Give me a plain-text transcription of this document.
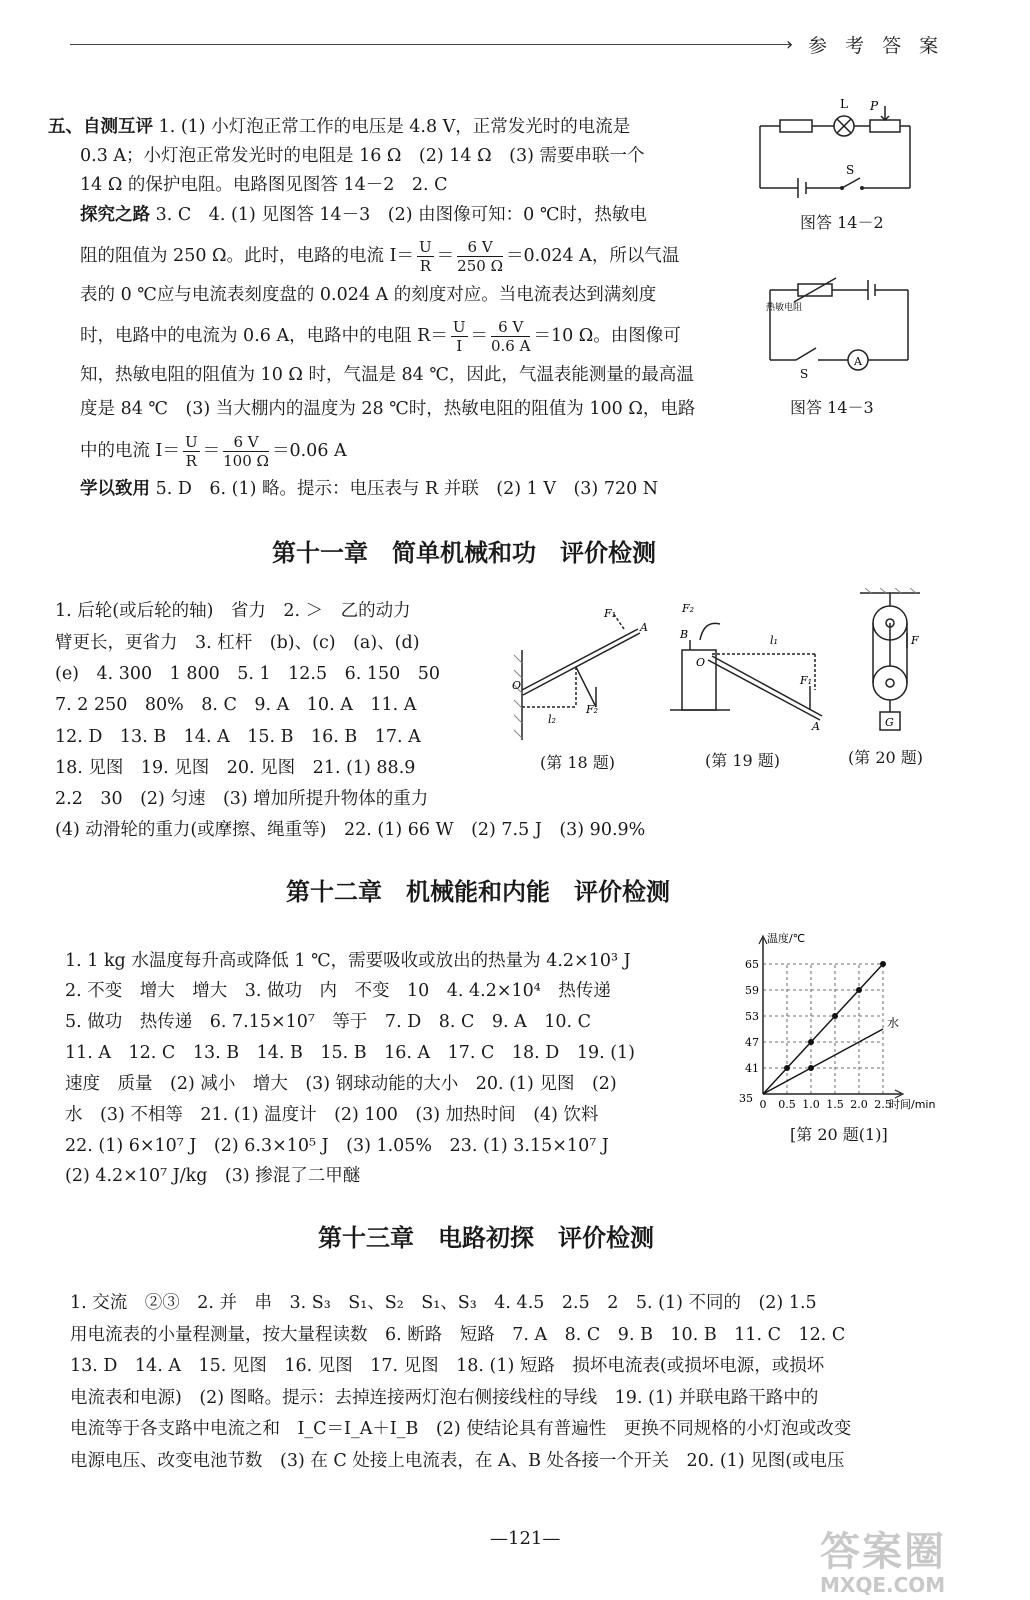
› 参 考 答 案
五、自测互评 1. (1) 小灯泡正常工作的电压是 4.8 V，正常发光时的电流是
0.3 A；小灯泡正常发光时的电阻是 16 Ω　(2) 14 Ω　(3) 需要串联一个
14 Ω 的保护电阻。电路图见图答 14－2　2. C
探究之路 3. C　4. (1) 见图答 14－3　(2) 由图像可知：0 ℃时，热敏电
阻的阻值为 250 Ω。此时，电路的电流 $I= \frac{U}{R} = \frac{6 V}{250 \Omega} =0.024$ A，所以气温
表的 0 ℃应与电流表刻度盘的 0.024 A 的刻度对应。当电流表达到满刻度
时，电路中的电流为 0.6 A，电路中的电阻 $R= \frac{U}{I} = \frac{6 V}{0.6 A} =10$ Ω。由图像可
知，热敏电阻的阻值为 10 Ω 时，气温是 84 ℃，因此，气温表能测量的最高温
度是 84 ℃　(3) 当大棚内的温度为 28 ℃时，热敏电阻的阻值为 100 Ω，电路
中的电流 $I= \frac{U}{R} = \frac{6 V}{100 \Omega} =0.06$ A
学以致用 5. D　6. (1) 略。提示：电压表与 R 并联　(2) 1 V　(3) 720 N
L P
S
图答 14－2
热敏电阻
S
A
图答 14－3
第十一章　简单机械和功　评价检测
1. 后轮(或后轮的轴)　省力　2. ＞　乙的动力
臂更长，更省力　3. 杠杆　(b)、(c)　(a)、(d)
(e)　4. 300　1 800　5. 1　12.5　6. 150　50
7. 2 250　80%　8. C　9. A　10. A　11. A
12. D　13. B　14. A　15. B　16. B　17. A
18. 见图　19. 见图　20. 见图　21. (1) 88.9
2.2　30　(2) 匀速　(3) 增加所提升物体的重力
(4) 动滑轮的重力(或摩擦、绳重等)　22. (1) 66 W　(2) 7.5 J　(3) 90.9%
F₁
A
O
F₂
l₂
(第 18 题)
F₂
B
O
l₁
F₁
A
(第 19 题)
F
G
(第 20 题)
第十二章　机械能和内能　评价检测
1. 1 kg 水温度每升高或降低 1 ℃，需要吸收或放出的热量为 4.2×10³ J
2. 不变　增大　增大　3. 做功　内　不变　10　4. 4.2×10⁴　热传递
5. 做功　热传递　6. 7.15×10⁷　等于　7. D　8. C　9. A　10. C
11. A　12. C　13. B　14. B　15. B　16. A　17. C　18. D　19. (1)
速度　质量　(2) 减小　增大　(3) 钢球动能的大小　20. (1) 见图　(2)
水　(3) 不相等　21. (1) 温度计　(2) 100　(3) 加热时间　(4) 饮料
22. (1) 6×10⁷ J　(2) 6.3×10⁵ J　(3) 1.05%　23. (1) 3.15×10⁷ J
(2) 4.2×10⁷ J/kg　(3) 掺混了二甲醚
41
47
53
59
65
0 0.5 1.0 1.5 2.0 2.5
35
温度/℃
时间/min
水
[第 20 题(1)]
第十三章　电路初探　评价检测
1. 交流　②③　2. 并　串　3. S₃　S₁、S₂　S₁、S₃　4. 4.5　2.5　2　5. (1) 不同的　(2) 1.5
用电流表的小量程测量，按大量程读数　6. 断路　短路　7. A　8. C　9. B　10. B　11. C　12. C
13. D　14. A　15. 见图　16. 见图　17. 见图　18. (1) 短路　损坏电流表(或损坏电源，或损坏
电流表和电源)　(2) 图略。提示：去掉连接两灯泡右侧接线柱的导线　19. (1) 并联电路干路中的
电流等于各支路中电流之和　I_C＝I_A＋I_B　(2) 使结论具有普遍性　更换不同规格的小灯泡或改变
电源电压、改变电池节数　(3) 在 C 处接上电流表，在 A、B 处各接一个开关　20. (1) 见图(或电压
—121—	答案圈
MXQE.COM
